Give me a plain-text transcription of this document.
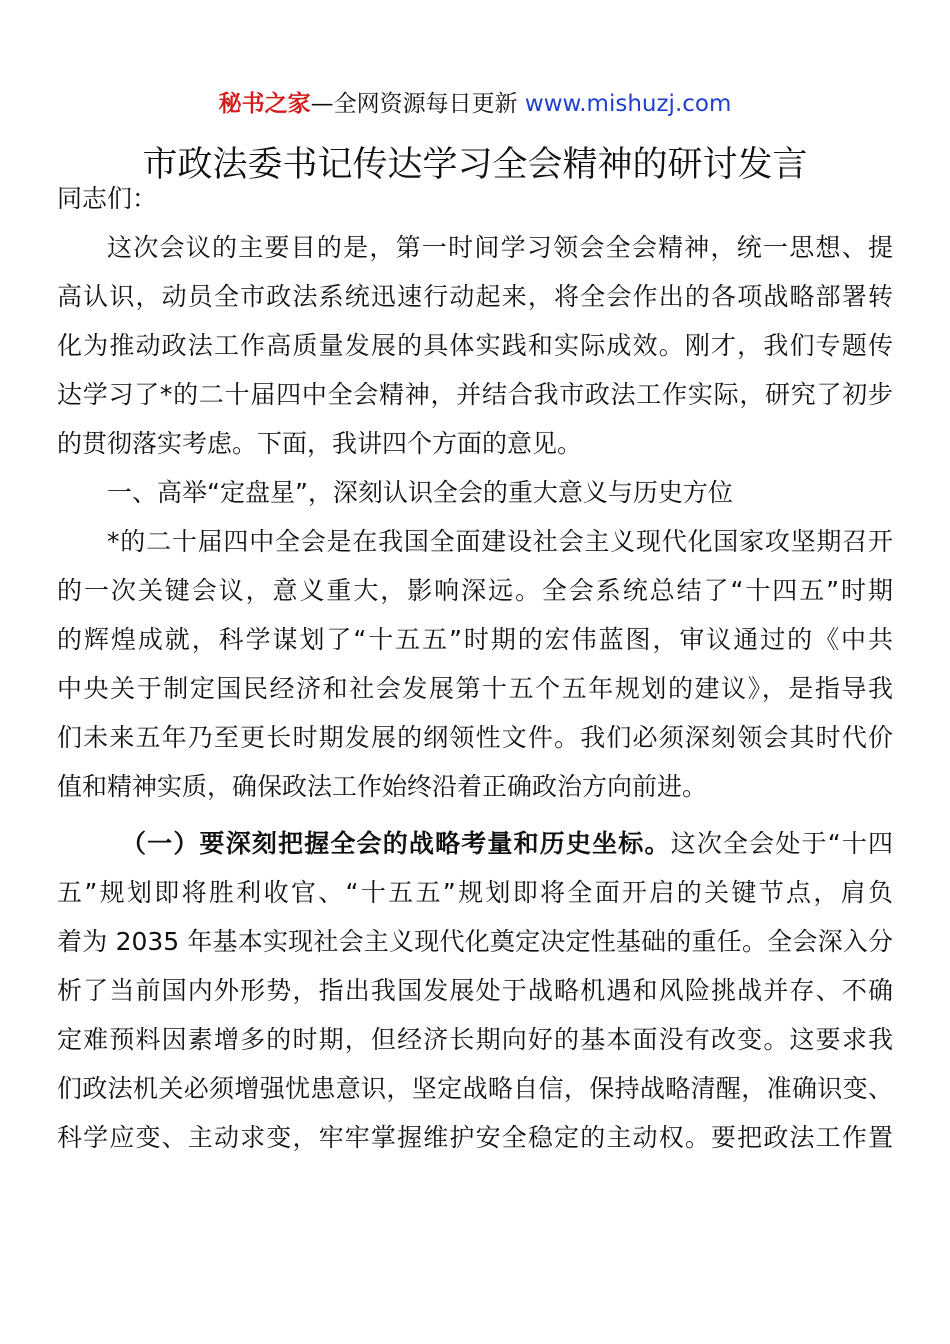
秘书之家—全网资源每日更新 www.mishuzj.com
市政法委书记传达学习全会精神的研讨发言
同志们：
这次会议的主要目的是，第一时间学习领会全会精神，统一思想、提
高认识，动员全市政法系统迅速行动起来，将全会作出的各项战略部署转
化为推动政法工作高质量发展的具体实践和实际成效。刚才，我们专题传
达学习了*的二十届四中全会精神，并结合我市政法工作实际，研究了初步
的贯彻落实考虑。下面，我讲四个方面的意见。
一、高举“定盘星”，深刻认识全会的重大意义与历史方位
*的二十届四中全会是在我国全面建设社会主义现代化国家攻坚期召开
的一次关键会议，意义重大，影响深远。全会系统总结了“十四五”时期
的辉煌成就，科学谋划了“十五五”时期的宏伟蓝图，审议通过的《中共
中央关于制定国民经济和社会发展第十五个五年规划的建议》，是指导我
们未来五年乃至更长时期发展的纲领性文件。我们必须深刻领会其时代价
值和精神实质，确保政法工作始终沿着正确政治方向前进。
（一）要深刻把握全会的战略考量和历史坐标。这次全会处于“十四
五”规划即将胜利收官、“十五五”规划即将全面开启的关键节点，肩负
着为 2035 年基本实现社会主义现代化奠定决定性基础的重任。全会深入分
析了当前国内外形势，指出我国发展处于战略机遇和风险挑战并存、不确
定难预料因素增多的时期，但经济长期向好的基本面没有改变。这要求我
们政法机关必须增强忧患意识，坚定战略自信，保持战略清醒，准确识变、
科学应变、主动求变，牢牢掌握维护安全稳定的主动权。要把政法工作置
